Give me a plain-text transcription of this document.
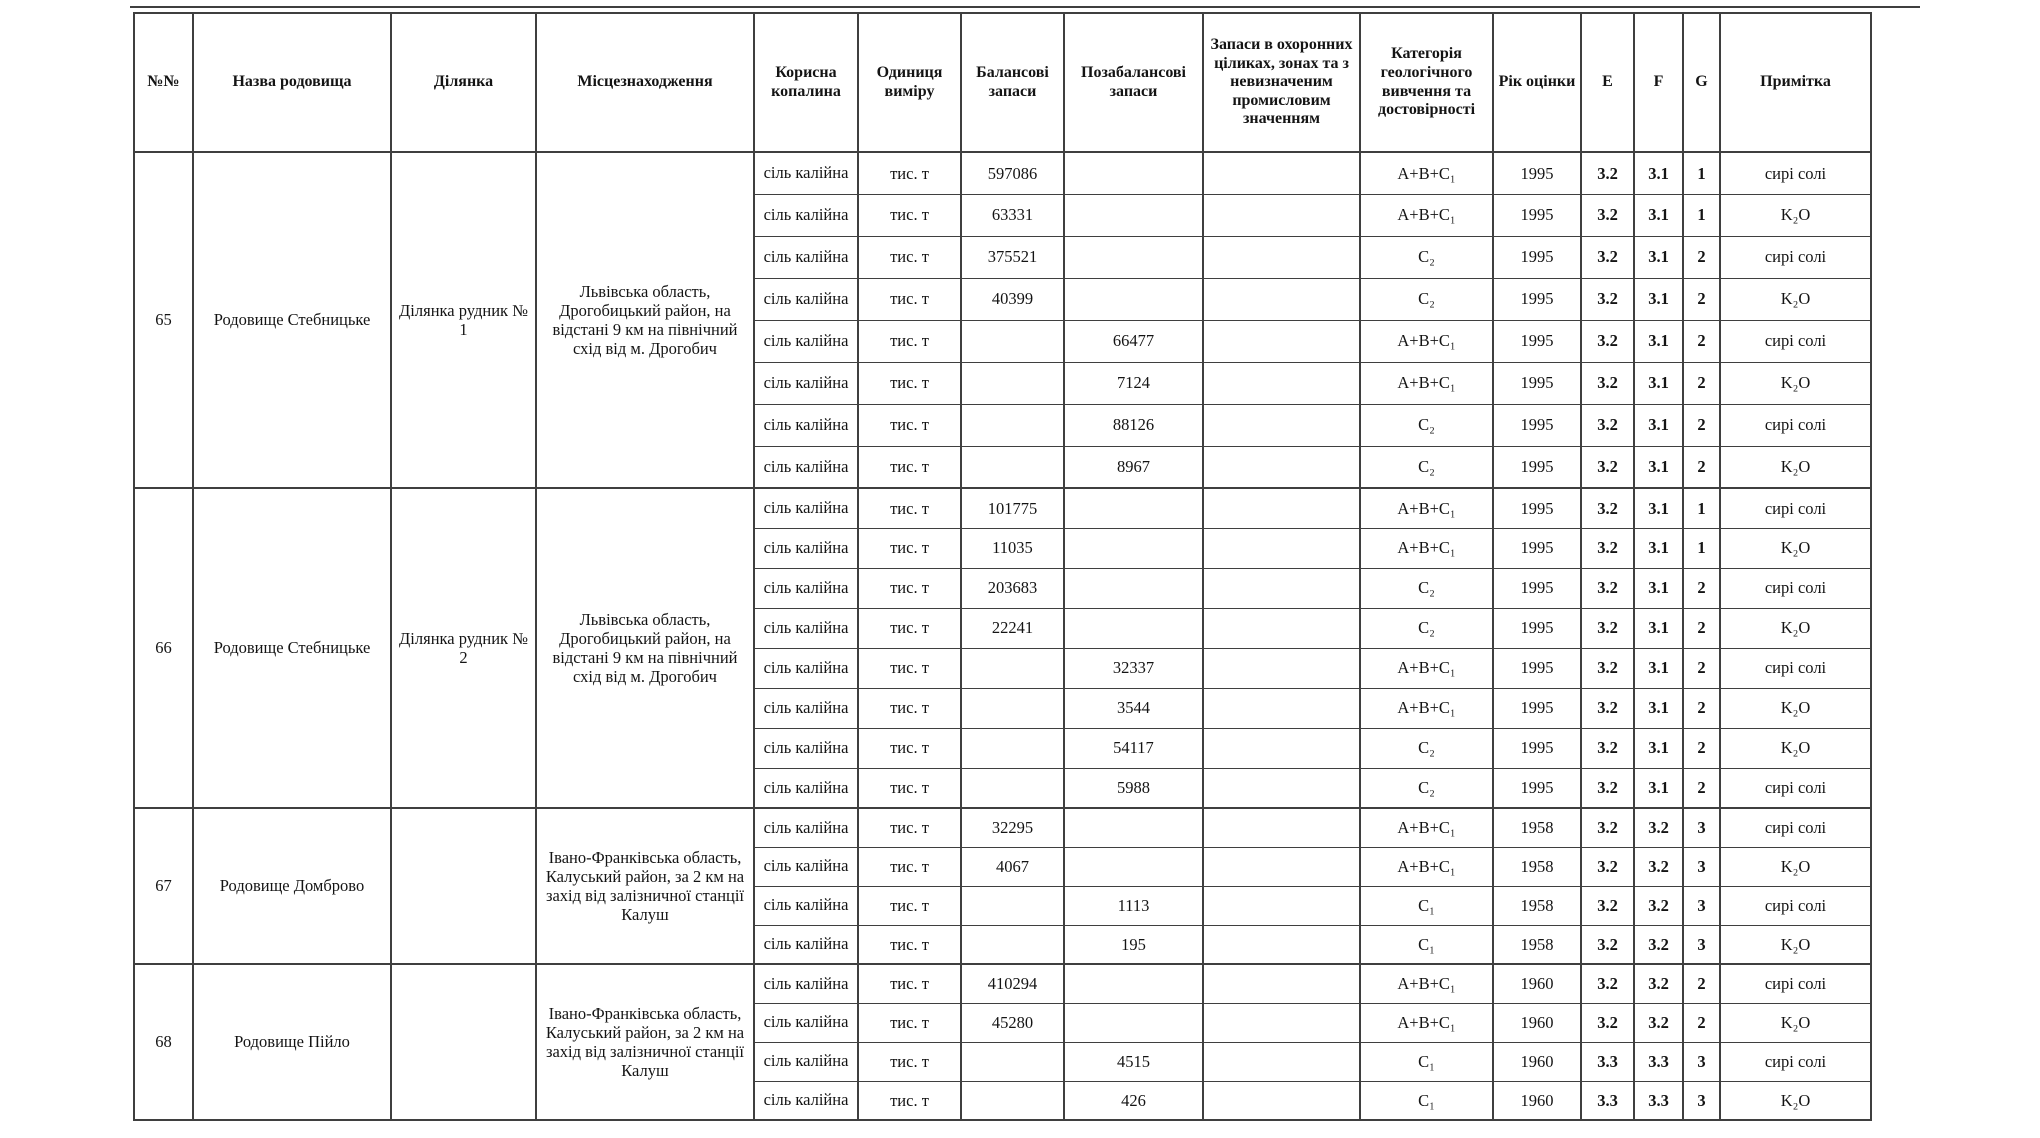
№№	Назва родовища	Ділянка	Місцезнаходження	Корисна копалина	Одиниця виміру	Балансові запаси	Позабалансові запаси	Запаси в охоронних ціликах, зонах та з невизначеним промисловим значенням	Категорія геологічного вивчення та достовірності	Рік оцінки	E	F	G	Примітка
65	Родовище Стебницьке	Ділянка рудник № 1	Львівська область, Дрогобицький район, на відстані 9 км на північний схід від м. Дрогобич	сіль калійна	тис. т	597086			A+B+C₁	1995	3.2	3.1	1	сирі солі
				сіль калійна	тис. т	63331			A+B+C₁	1995	3.2	3.1	1	K₂O
				сіль калійна	тис. т	375521			C₂	1995	3.2	3.1	2	сирі солі
				сіль калійна	тис. т	40399			C₂	1995	3.2	3.1	2	K₂O
				сіль калійна	тис. т		66477		A+B+C₁	1995	3.2	3.1	2	сирі солі
				сіль калійна	тис. т		7124		A+B+C₁	1995	3.2	3.1	2	K₂O
				сіль калійна	тис. т		88126		C₂	1995	3.2	3.1	2	сирі солі
				сіль калійна	тис. т		8967		C₂	1995	3.2	3.1	2	K₂O
66	Родовище Стебницьке	Ділянка рудник № 2	Львівська область, Дрогобицький район, на відстані 9 км на північний схід від м. Дрогобич	сіль калійна	тис. т	101775			A+B+C₁	1995	3.2	3.1	1	сирі солі
				сіль калійна	тис. т	11035			A+B+C₁	1995	3.2	3.1	1	K₂O
				сіль калійна	тис. т	203683			C₂	1995	3.2	3.1	2	сирі солі
				сіль калійна	тис. т	22241			C₂	1995	3.2	3.1	2	K₂O
				сіль калійна	тис. т		32337		A+B+C₁	1995	3.2	3.1	2	сирі солі
				сіль калійна	тис. т		3544		A+B+C₁	1995	3.2	3.1	2	K₂O
				сіль калійна	тис. т		54117		C₂	1995	3.2	3.1	2	K₂O
				сіль калійна	тис. т		5988		C₂	1995	3.2	3.1	2	сирі солі
67	Родовище Домброво		Івано-Франківська область, Калуський район, за 2 км на захід від залізничної станції Калуш	сіль калійна	тис. т	32295			A+B+C₁	1958	3.2	3.2	3	сирі солі
				сіль калійна	тис. т	4067			A+B+C₁	1958	3.2	3.2	3	K₂O
				сіль калійна	тис. т		1113		C₁	1958	3.2	3.2	3	сирі солі
				сіль калійна	тис. т		195		C₁	1958	3.2	3.2	3	K₂O
68	Родовище Пійло		Івано-Франківська область, Калуський район, за 2 км на захід від залізничної станції Калуш	сіль калійна	тис. т	410294			A+B+C₁	1960	3.2	3.2	2	сирі солі
				сіль калійна	тис. т	45280			A+B+C₁	1960	3.2	3.2	2	K₂O
				сіль калійна	тис. т		4515		C₁	1960	3.3	3.3	3	сирі солі
				сіль калійна	тис. т		426		C₁	1960	3.3	3.3	3	K₂O
